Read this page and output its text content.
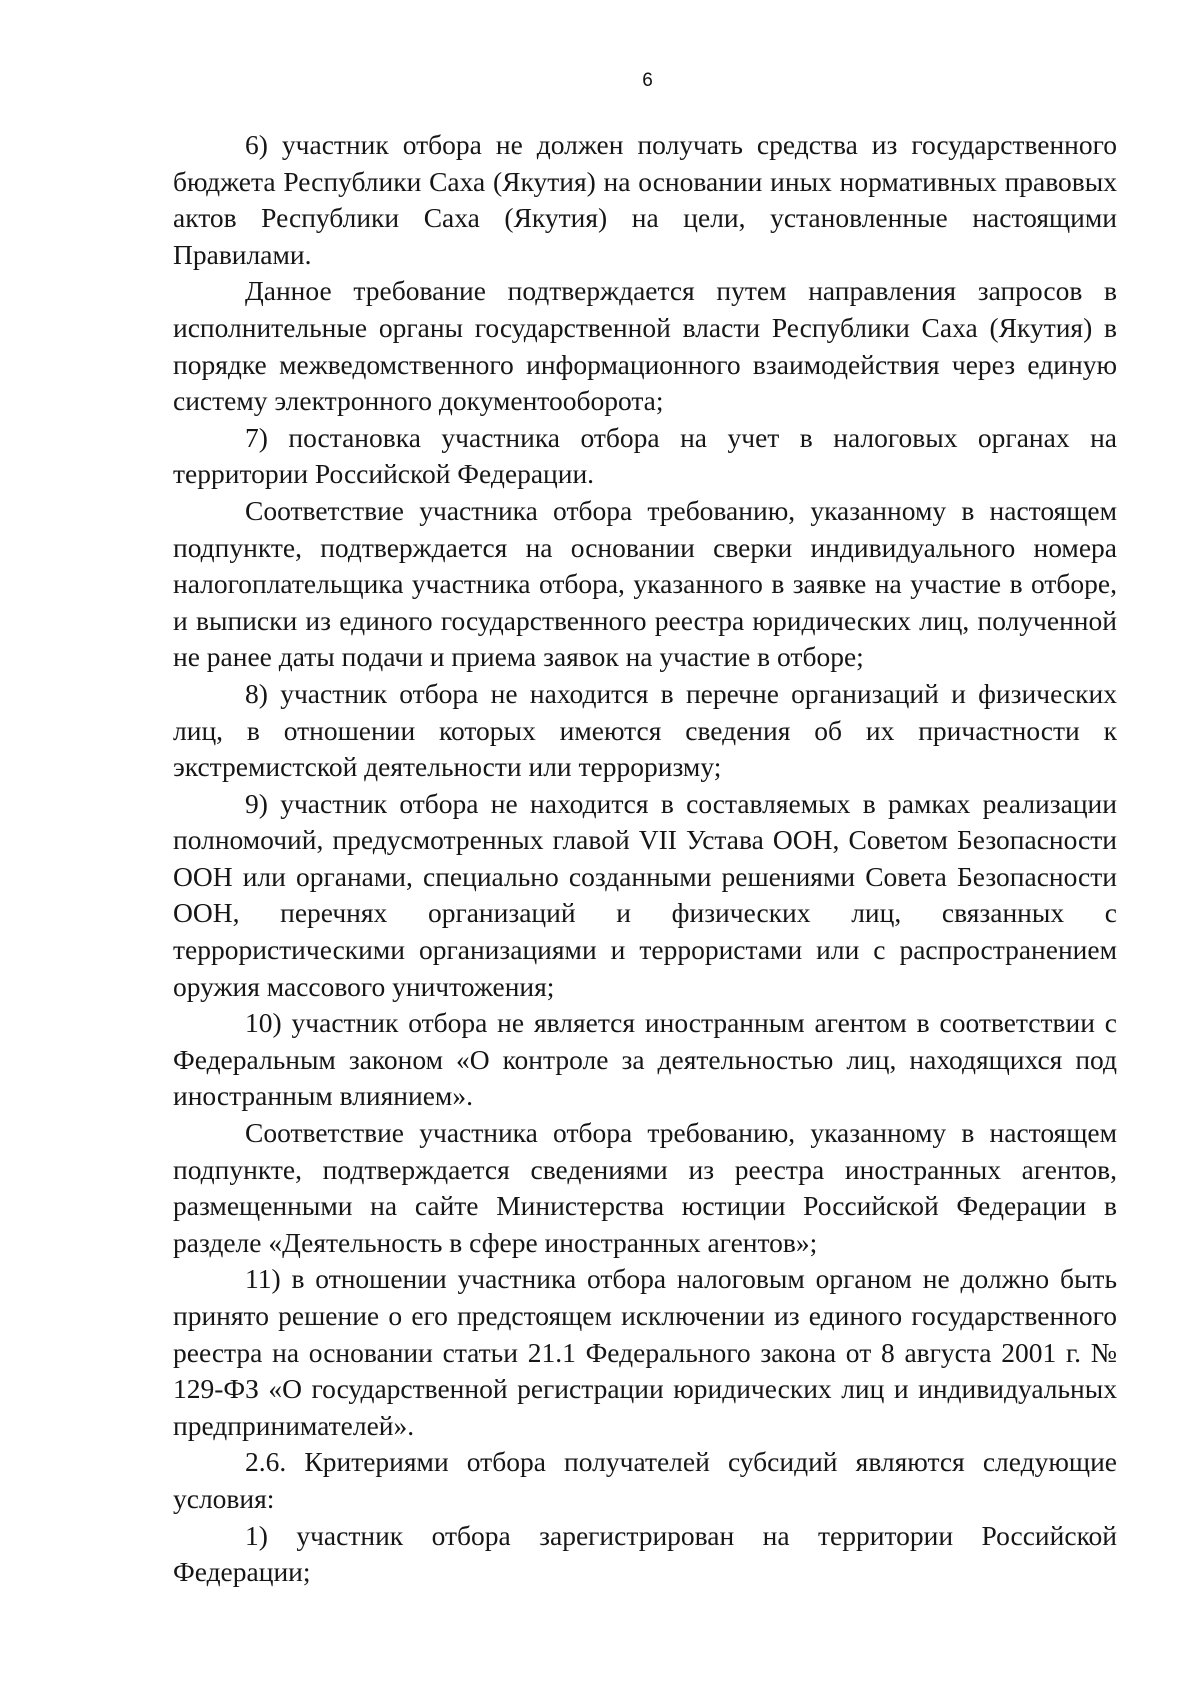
6

6) участник отбора не должен получать средства из государственного бюджета Республики Саха (Якутия) на основании иных нормативных правовых актов Республики Саха (Якутия) на цели, установленные настоящими Правилами.

Данное требование подтверждается путем направления запросов в исполнительные органы государственной власти Республики Саха (Якутия) в порядке межведомственного информационного взаимодействия через единую систему электронного документооборота;

7) постановка участника отбора на учет в налоговых органах на территории Российской Федерации.

Соответствие участника отбора требованию, указанному в настоящем подпункте, подтверждается на основании сверки индивидуального номера налогоплательщика участника отбора, указанного в заявке на участие в отборе, и выписки из единого государственного реестра юридических лиц, полученной не ранее даты подачи и приема заявок на участие в отборе;

8) участник отбора не находится в перечне организаций и физических лиц, в отношении которых имеются сведения об их причастности к экстремистской деятельности или терроризму;

9) участник отбора не находится в составляемых в рамках реализации полномочий, предусмотренных главой VII Устава ООН, Советом Безопасности ООН или органами, специально созданными решениями Совета Безопасности ООН, перечнях организаций и физических лиц, связанных с террористическими организациями и террористами или с распространением оружия массового уничтожения;

10) участник отбора не является иностранным агентом в соответствии с Федеральным законом «О контроле за деятельностью лиц, находящихся под иностранным влиянием».

Соответствие участника отбора требованию, указанному в настоящем подпункте, подтверждается сведениями из реестра иностранных агентов, размещенными на сайте Министерства юстиции Российской Федерации в разделе «Деятельность в сфере иностранных агентов»;

11) в отношении участника отбора налоговым органом не должно быть принято решение о его предстоящем исключении из единого государственного реестра на основании статьи 21.1 Федерального закона от 8 августа 2001 г. № 129-ФЗ «О государственной регистрации юридических лиц и индивидуальных предпринимателей».

2.6. Критериями отбора получателей субсидий являются следующие условия:

1) участник отбора зарегистрирован на территории Российской Федерации;
